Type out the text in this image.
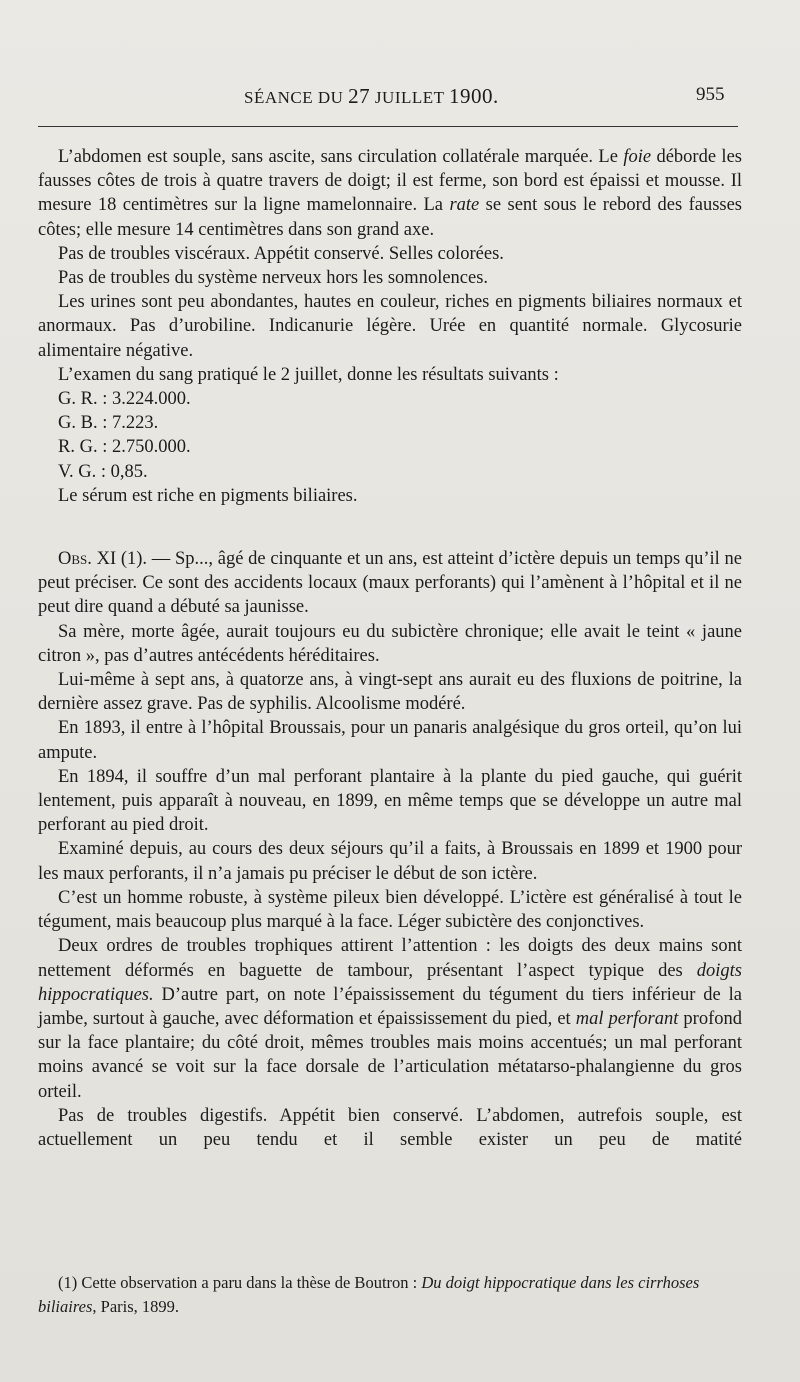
SÉANCE DU 27 JUILLET 1900.	955

L’abdomen est souple, sans ascite, sans circulation collatérale marquée. Le foie déborde les fausses côtes de trois à quatre travers de doigt; il est ferme, son bord est épaissi et mousse. Il mesure 18 centimètres sur la ligne mamelonnaire. La rate se sent sous le rebord des fausses côtes; elle mesure 14 centimètres dans son grand axe.

Pas de troubles viscéraux. Appétit conservé. Selles colorées.

Pas de troubles du système nerveux hors les somnolences.

Les urines sont peu abondantes, hautes en couleur, riches en pigments biliaires normaux et anormaux. Pas d’urobiline. Indicanurie légère. Urée en quantité normale. Glycosurie alimentaire négative.

L’examen du sang pratiqué le 2 juillet, donne les résultats suivants :

G. R. : 3.224.000.
G. B. : 7.223.
R. G. : 2.750.000.
V. G. : 0,85.

Le sérum est riche en pigments biliaires.

Obs. XI (1). — Sp..., âgé de cinquante et un ans, est atteint d’ictère depuis un temps qu’il ne peut préciser. Ce sont des accidents locaux (maux perforants) qui l’amènent à l’hôpital et il ne peut dire quand a débuté sa jaunisse.

Sa mère, morte âgée, aurait toujours eu du subictère chronique; elle avait le teint « jaune citron », pas d’autres antécédents héréditaires.

Lui-même à sept ans, à quatorze ans, à vingt-sept ans aurait eu des fluxions de poitrine, la dernière assez grave. Pas de syphilis. Alcoolisme modéré.

En 1893, il entre à l’hôpital Broussais, pour un panaris analgésique du gros orteil, qu’on lui ampute.

En 1894, il souffre d’un mal perforant plantaire à la plante du pied gauche, qui guérit lentement, puis apparaît à nouveau, en 1899, en même temps que se développe un autre mal perforant au pied droit.

Examiné depuis, au cours des deux séjours qu’il a faits, à Broussais en 1899 et 1900 pour les maux perforants, il n’a jamais pu préciser le début de son ictère.

C’est un homme robuste, à système pileux bien développé. L’ictère est généralisé à tout le tégument, mais beaucoup plus marqué à la face. Léger subictère des conjonctives.

Deux ordres de troubles trophiques attirent l’attention : les doigts des deux mains sont nettement déformés en baguette de tambour, présentant l’aspect typique des doigts hippocratiques. D’autre part, on note l’épaississement du tégument du tiers inférieur de la jambe, surtout à gauche, avec déformation et épaississement du pied, et mal perforant profond sur la face plantaire; du côté droit, mêmes troubles mais moins accentués; un mal perforant moins avancé se voit sur la face dorsale de l’articulation métatarso-phalangienne du gros orteil.

Pas de troubles digestifs. Appétit bien conservé. L’abdomen, autrefois souple, est actuellement un peu tendu et il semble exister un peu de matité

(1) Cette observation a paru dans la thèse de Boutron : Du doigt hippocratique dans les cirrhoses biliaires, Paris, 1899.
